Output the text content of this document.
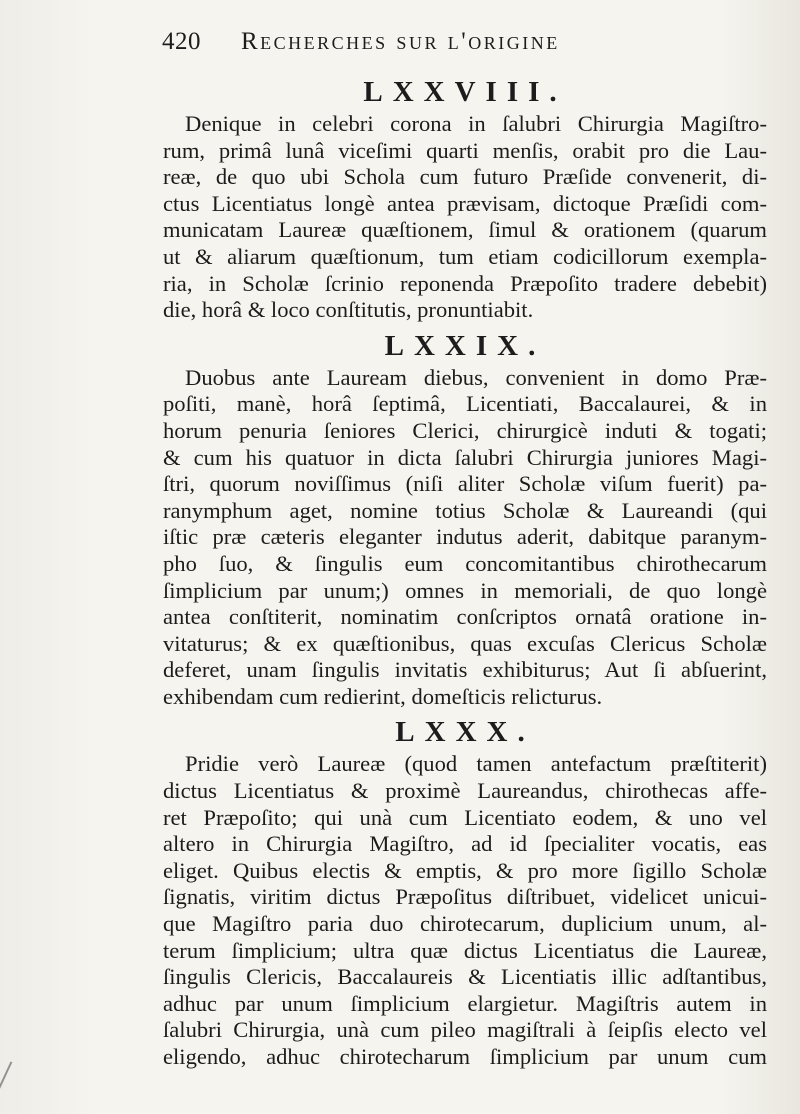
420 Recherches sur l'origine
LXXVIII.
Denique in celebri corona in ſalubri Chirurgia Magiſtro-
rum, primâ lunâ viceſimi quarti menſis, orabit pro die Lau-
reæ, de quo ubi Schola cum futuro Præſide convenerit, di-
ctus Licentiatus longè antea prævisam, dictoque Præſidi com-
municatam Laureæ quæſtionem, ſimul & orationem (quarum
ut & aliarum quæſtionum, tum etiam codicillorum exempla-
ria, in Scholæ ſcrinio reponenda Præpoſito tradere debebit)
die, horâ & loco conſtitutis, pronuntiabit.
LXXIX.
Duobus ante Lauream diebus, convenient in domo Præ-
poſiti, manè, horâ ſeptimâ, Licentiati, Baccalaurei, & in
horum penuria ſeniores Clerici, chirurgicè induti & togati;
& cum his quatuor in dicta ſalubri Chirurgia juniores Magi-
ſtri, quorum noviſſimus (niſi aliter Scholæ viſum fuerit) pa-
ranymphum aget, nomine totius Scholæ & Laureandi (qui
iſtic præ cæteris eleganter indutus aderit, dabitque paranym-
pho ſuo, & ſingulis eum concomitantibus chirothecarum
ſimplicium par unum;) omnes in memoriali, de quo longè
antea conſtiterit, nominatim conſcriptos ornatâ oratione in-
vitaturus; & ex quæſtionibus, quas excuſas Clericus Scholæ
deferet, unam ſingulis invitatis exhibiturus; Aut ſi abſuerint,
exhibendam cum redierint, domeſticis relicturus.
LXXX.
Pridie verò Laureæ (quod tamen antefactum præſtiterit)
dictus Licentiatus & proximè Laureandus, chirothecas affe-
ret Præpoſito; qui unà cum Licentiato eodem, & uno vel
altero in Chirurgia Magiſtro, ad id ſpecialiter vocatis, eas
eliget. Quibus electis & emptis, & pro more ſigillo Scholæ
ſignatis, viritim dictus Præpoſitus diſtribuet, videlicet unicui-
que Magiſtro paria duo chirotecarum, duplicium unum, al-
terum ſimplicium; ultra quæ dictus Licentiatus die Laureæ,
ſingulis Clericis, Baccalaureis & Licentiatis illic adſtantibus,
adhuc par unum ſimplicium elargietur. Magiſtris autem in
ſalubri Chirurgia, unà cum pileo magiſtrali à ſeipſis electo vel
eligendo, adhuc chirotecharum ſimplicium par unum cum
